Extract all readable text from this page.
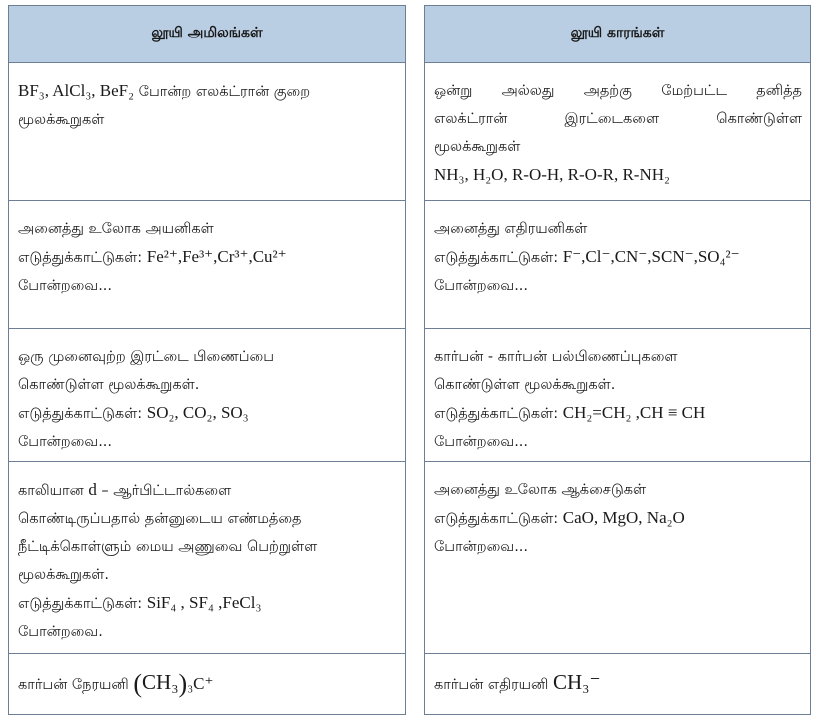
லூயி அமிலங்கள்
BF₃, AlCl₃, BeF₂ போன்ற எலக்ட்ரான் குறை
மூலக்கூறுகள்
அனைத்து உலோக அயனிகள்
எடுத்துக்காட்டுகள்: Fe²⁺,Fe³⁺,Cr³⁺,Cu²⁺
போன்றவை...
ஒரு முனைவுற்ற இரட்டை பிணைப்பை
கொண்டுள்ள மூலக்கூறுகள்.
எடுத்துக்காட்டுகள்: SO₂, CO₂, SO₃
போன்றவை...
காலியான d – ஆர்பிட்டால்களை
கொண்டிருப்பதால் தன்னுடைய எண்மத்தை
நீட்டிக்கொள்ளும் மைய அணுவை பெற்றுள்ள
மூலக்கூறுகள்.
எடுத்துக்காட்டுகள்: SiF₄ , SF₄ ,FeCl₃
போன்றவை.
கார்பன் நேரயனி (CH₃)₃C⁺
லூயி காரங்கள்
ஒன்று அல்லது அதற்கு மேற்பட்ட தனித்த
எலக்ட்ரான் இரட்டைகளை கொண்டுள்ள
மூலக்கூறுகள்
NH₃, H₂O, R-O-H, R-O-R, R-NH₂
அனைத்து எதிரயனிகள்
எடுத்துக்காட்டுகள்: F⁻,Cl⁻,CN⁻,SCN⁻,SO₄²⁻
போன்றவை...
கார்பன் - கார்பன் பல்பிணைப்புகளை
கொண்டுள்ள மூலக்கூறுகள்.
எடுத்துக்காட்டுகள்: CH₂=CH₂ ,CH ≡ CH
போன்றவை...
அனைத்து உலோக ஆக்சைடுகள்
எடுத்துக்காட்டுகள்: CaO, MgO, Na₂O
போன்றவை...
கார்பன் எதிரயனி CH₃⁻
